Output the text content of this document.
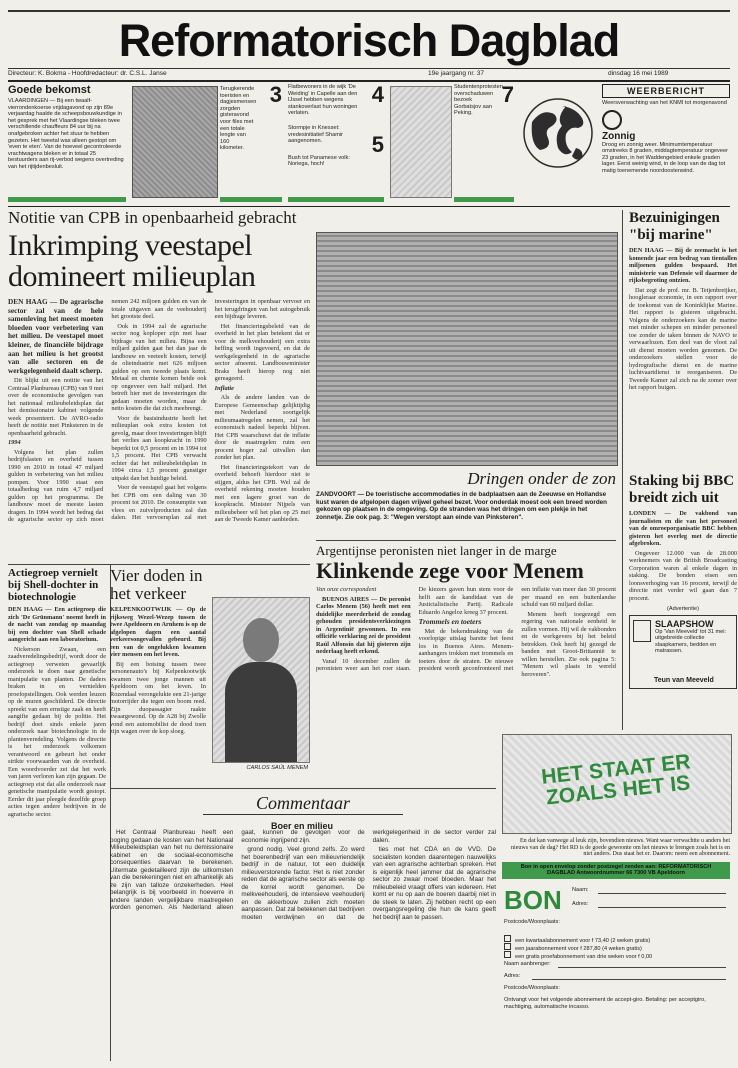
Reformatorisch Dagblad
Directeur: K. Bokma - Hoofdredacteur: dr. C.S.L. Janse	19e jaargang nr. 37	dinsdag 16 mei 1989
Goede bekomst
VLAARDINGEN — Bij een twaalf-vierrondenkoerse vrijdagavond op zijn 89e verjaardag haalde de scheepsbouwkundige in het gesprek met het Vlaardingse bleken twee verschillende chauffeurs 84 uur bij na onafgebroken achter het stuur te hebben gezeten. Het tweetal was alleen gestopt om 'even te eten'. Van de hoeveel gecontroleerde vrachtwagens bleken er in totaal 25 bestuurders aan rij-verbod wegens overtreding van het rijtijdenbesluit.
3
Terugkerende toeristen en dagjesmensen zorgden gisteravond voor files met een totale lengte van 160 kilometer.
Flatbewoners in de wijk 'De Weiding' in Capelle aan den IJssel hebben wegens stankoverlast hun woningen verlaten.
Stormpje in Knesset: vredesinitiatief Shamir aangenomen.
Bush tot Panamese volk: Noriega, hoch!
4
5
7
Studentenprotesten overschaduwen bezoek Gorbatsjov aan Peking.
WEERBERICHT
Weersverwachting van het KNMI tot morgenavond
Zonnig
Droog en zonnig weer. Minimumtemperatuur omstreeks 8 graden, middagtemperatuur ongeveer 23 graden, in het Waddengebied enkele graden lager. Eerst weinig wind, in de loop van de dag tot matig toenemende noordoostenwind.
Notitie van CPB in openbaarheid gebracht
Inkrimping veestapel domineert milieuplan

DEN HAAG — De agrarische sector zal van de hele samenleving het meest moeten bloeden voor verbetering van het milieu. De veestapel moet kleiner, de financiële bijdrage aan het milieu is het grootst van alle sectoren en de werkgelegenheid daalt scherp.

Dit blijkt uit een notitie van het Centraal Planbureau (CPB) van 9 mei over de economische gevolgen van het nationaal milieubeleidsplan dat het demissionaire kabinet volgende week presenteert. De AVRO-radio heeft de notitie met Pinksteren in de openbaarheid gebracht.

1994

Volgens het plan zullen bedrijfslasten en overheid tussen 1990 en 2010 in totaal 47 miljard gulden in verbetering van het milieu pompen. Voor 1990 staat een totaalbedrag van ruim 4,7 miljard gulden op het programma. De landbouw moet de meeste lasten dragen. In 1994 wordt het bedrag dat de agrarische sector op zich moet nemen 242 miljoen gulden en van de totale uitgaven aan de veehouderij het grootste deel.

Ook in 1994 zal de agrarische sector nog koploper zijn met haar bijdrage van het milieu. Bijna een miljard gulden gaat het dan jaar de landbouw en veeteelt kosten, terwijl de olieindustrie met 626 miljoen gulden op een tweede plaats komt. Metaal en chemie komen beide ook op ongeveer een half miljard. Het betreft hier met de investeringen die gedaan moeten worden, maar de netto kosten die dat zich meebrengt.

Voor de basisindustrie heeft het milieuplan ook extra kosten tot gevolg, maar door investeringen blijft het verlies aan koopkracht in 1990 beperkt tot 0,5 procent en in 1994 tot 1,5 procent. Het CPB verwacht echter dat het milieubeleidsplan in 1994 circa 1,5 procent gunstiger uitpakt dan het huidige beleid.

Voor de veestapel gaat het volgens het CPB om een daling van 30 procent tot 2010. De consumptie van vlees en zuivelproducten zal dan dalen. Het vervoersplan zal met investeringen in openbaar vervoer en het terugdringen van het autogebruik een bijdrage leveren.

Het financieringsbeleid van de overheid in het plan betekent dat er voor de melkveehouderij een extra heffing wordt ingevoerd, en dat de werkgelegenheid in de agrarische sector afneemt. Landbouwminister Braks heeft hierop nog niet gereageerd.

Inflatie

Als de andere landen van de Europese Gemeenschap gelijktijdig met Nederland soortgelijk milieumaatregelen nemen, zal het economisch nadeel beperkt blijven. Het CPB waarschuwt dat de inflatie door de maatregelen ruim een procent hoger zal uitvallen dan zonder het plan.

Het financieringstekort van de overheid behoeft hierdoor niet te stijgen, aldus het CPB. Wel zal de overheid rekening moeten houden met een lagere groei van de koopkracht. Minister Nijpels van milieubeheer wil het plan op 25 mei aan de Tweede Kamer aanbieden.

Dringen onder de zon
ZANDVOORT — De toeristische accommodaties in de badplaatsen aan de Zeeuwse en Hollandse kust waren de afgelopen dagen vrijwel geheel bezet. Voor onderdak moest ook een breed worden gekozen op plaatsen in de omgeving. Op de stranden was het dringen om een plekje in het zonnetje. Zie ook pag. 3: "Wegen verstopt aan einde van Pinksteren".
Bezuinigingen "bij marine"

DEN HAAG — Bij de zeemacht is het komende jaar een bedrag van tientallen miljoenen gulden bespaard. Het ministerie van Defensie wil daarmee de rijksbegroting ontzien.

Dat zegt de prof. mr. B. Tetjenbreijker, hoogleraar economie, in een rapport over de toekomst van de Koninklijke Marine. Het rapport is gisteren uitgebracht. Volgens de onderzoekers kan de marine met minder schepen en minder personeel toe zonder de taken binnen de NAVO te verwaarlozen. Een deel van de vloot zal uit dienst moeten worden genomen. De onderzoekers stellen voor de hydrografische dienst en de marine luchtvaartdienst te reorganiseren. De Tweede Kamer zal zich na de zomer over het rapport buigen.

Staking bij BBC breidt zich uit

LONDEN — De vakbond van journalisten en die van het personeel van de omroeporganisatie BBC hebben gisteren het overleg met de directie afgebroken.

Ongeveer 12.000 van de 28.000 werknemers van de British Broadcasting Corporation waren al enkele dagen in staking. De bonden eisen een loonsverhoging van 16 procent, terwijl de directie niet verder wil gaan dan 7 procent.

(Advertentie)
SLAAPSHOW
Op 'Van Meeveld' tot 31 mei: uitgebreide collectie slaapkamers, bedden en matrassen.
Teun van Meeveld
Argentijnse peronisten niet langer in de marge
Klinkende zege voor Menem

Van onze correspondent

BUENOS AIRES — De peronist Carlos Menem (56) heeft met een duidelijke meerderheid de zondag gehouden presidentsverkiezingen in Argentinië gewonnen. In een officiële verklaring zei de president Raúl Alfonsín dat hij gisteren zijn nederlaag heeft erkend.

Vanaf 10 december zullen de peronisten weer aan het roer staan. De kiezers gaven hun stem voor de helft aan de kandidaat van de Justicialistische Partij. Radicale Eduardo Angeloz kreeg 37 procent.

Trommels en toeters

Met de bekendmaking van de voorlopige uitslag barstte het feest los in Buenos Aires. Menem-aanhangers trokken met trommels en toeters door de straten. De nieuwe president wordt geconfronteerd met een inflatie van meer dan 30 procent per maand en een buitenlandse schuld van 60 miljard dollar.

Menem heeft toegezegd een regering van nationale eenheid te zullen vormen. Hij wil de vakbonden en de werkgevers bij het beleid betrekken. Ook heeft hij gezegd de banden met Groot-Brittannië te willen herstellen. Zie ook pagina 5: "Menem wil plaats in wereld heroveren".

Actiegroep vernielt bij Shell-dochter in biotechnologie

DEN HAAG — Een actiegroep die zich 'De Grünmann' noemt heeft in de nacht van zondag op maandag bij een dochter van Shell schade aangericht aan een laboratorium.

Nickerson Zwaan, een zaadveredelingsbedrijf, wordt door de actiegroep verweten gevaarlijk onderzoek te doen naar genetische manipulatie van planten. De daders braken in en vernielden proefopstellingen. Ook werden leuzen op de muren geschilderd. De directie spreekt van een ernstige zaak en heeft aangifte gedaan bij de politie. Het bedrijf doet sinds enkele jaren onderzoek naar biotechnologie in de plantenveredeling. Volgens de directie is het onderzoek volkomen verantwoord en gebeurt het onder strikte voorwaarden van de overheid. Een woordvoerder zei dat het werk van jaren verloren kan zijn gegaan. De actiegroep eist dat alle onderzoek naar genetische manipulatie wordt gestopt. Eerder dit jaar pleegde dezelfde groep acties tegen andere bedrijven in de agrarische sector.

Vier doden in het verkeer

KELPENKOOTWIJK — Op de rijksweg Wezel-Wezep tussen de twee Apeldoorn en Arnhem is op de afgelopen dagen een aantal verkeersongevallen gebeurd. Bij een van de ongelukken kwamen vier mensen om het leven.

Bij een botsing tussen twee personenauto's bij Kelpenkootwijk kwamen twee jonge mannen uit Apeldoorn om het leven. In Rozendaal verongelukte een 21-jarige motorrijder die tegen een boom reed. Zijn duopassagier raakte zwaargewond. Op de A28 bij Zwolle vond een automobilist de dood toen zijn wagen over de kop sloeg.

CARLOS SAÚL MENEM
Commentaar
Boer en milieu

Het Centraal Planbureau heeft een poging gedaan de kosten van het Nationaal Milieubeleidsplan van het nu demissionaire kabinet en de sociaal-economische consequenties daarvan te berekenen. Uitermate gedetailleerd zijn de uitkomsten van die berekeningen niet en afhankelijk als ze zijn van talloze onzekerheden. Heel belangrijk is bij voorbeeld in hoeverre in andere landen vergelijkbare maatregelen worden genomen. Als Nederland alleen gaat, kunnen de gevolgen voor de economie ingrijpend zijn.

grond nodig. Veel grond zelfs. Zo werd het boerenbedrijf van een milieuvriendelijk bedrijf in de natuur, tot een duidelijk milieuverstorende factor. Het is niet zonder reden dat de agrarische sector als eerste op de korrel wordt genomen. De melkveehouderij, de intensieve veehouderij en de akkerbouw zullen zich moeten aanpassen. Dat zal betekenen dat bedrijven moeten verdwijnen en dat de werkgelegenheid in de sector verder zal dalen.

ties met het CDA en de VVD. De socialisten konden daarentegen nauwelijks van een agrarische achterban spreken. Het is eigenlijk heel jammer dat de agrarische sector zo zwaar moet bloeden. Maar het milieubeleid vraagt offers van iedereen. Het komt er nu op aan de boeren daarbij niet in de steek te laten. Zij hebben recht op een overgangsregeling die hun de kans geeft het bedrijf aan te passen.

HET STAAT ER ZOALS HET IS
En dat kan vanwege al leuk zijn, bovendien nieuws. Want waar verwachtte u anders het nieuws van de dag? Het RD is de goede gewoonte om het nieuws te brengen zoals het is en niet anders. Dus staat het er. Daarom: neem een abonnement.
Bon in open envelop zonder postzegel zenden aan: REFORMATORISCH DAGBLAD Antwoordnummer 66 7300 VB Apeldoorn
BON Naam:
Adres:
Postcode/Woonplaats:
een kwartaalabonnement voor f 73,40 (2 weken gratis)
een jaarabonnement voor f 287,80 (4 weken gratis)
een gratis proefabonnement van drie weken voor f 0,00
Naam aanbrenger:
Adres:
Postcode/Woonplaats:
Ontvangt voor het volgende abonnement de accept-giro. Betaling: per acceptgiro, machtiging, automatische incasso.
